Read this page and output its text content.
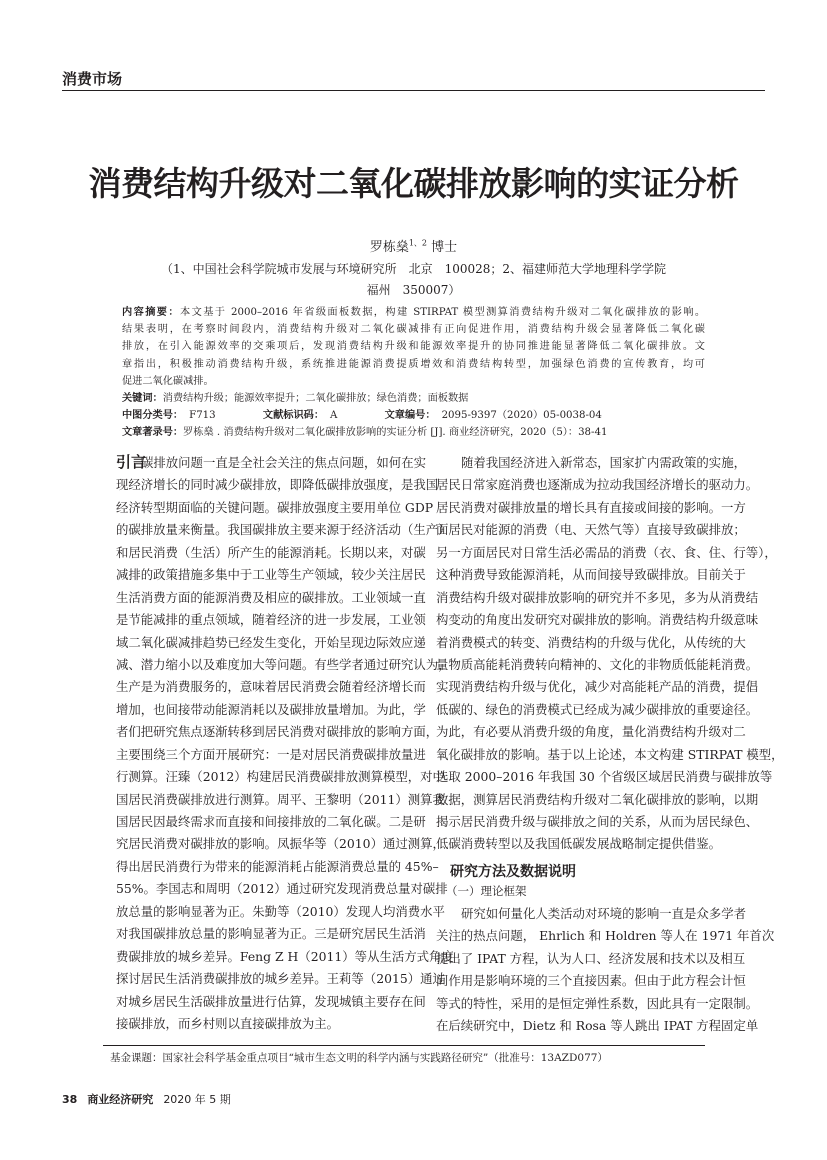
消费市场
消费结构升级对二氧化碳排放影响的实证分析
罗栋燊$^{1、2}$ 博士
（1、中国社会科学院城市发展与环境研究所　北京　100028；2、福建师范大学地理科学学院
福州　350007）
内容摘要：本文基于 2000–2016 年省级面板数据，构建 STIRPAT 模型测算消费结构升级对二氧化碳排放的影响。
结果表明，在考察时间段内，消费结构升级对二氧化碳减排有正向促进作用，消费结构升级会显著降低二氧化碳
排放，在引入能源效率的交乘项后，发现消费结构升级和能源效率提升的协同推进能显著降低二氧化碳排放。文
章指出，积极推动消费结构升级，系统推进能源消费提质增效和消费结构转型，加强绿色消费的宣传教育，均可
促进二氧化碳减排。
关键词：消费结构升级；能源效率提升；二氧化碳排放；绿色消费；面板数据
中图分类号： F713	文献标识码： A	文章编号： 2095-9397（2020）05-0038-04
文章著录号：罗栋燊 . 消费结构升级对二氧化碳排放影响的实证分析 [J]. 商业经济研究，2020（5）：38-41
引言
碳排放问题一直是全社会关注的焦点问题，如何在实
现经济增长的同时减少碳排放，即降低碳排放强度，是我国
经济转型期面临的关键问题。碳排放强度主要用单位 GDP
的碳排放量来衡量。我国碳排放主要来源于经济活动（生产）
和居民消费（生活）所产生的能源消耗。长期以来，对碳
减排的政策措施多集中于工业等生产领域，较少关注居民
生活消费方面的能源消费及相应的碳排放。工业领域一直
是节能减排的重点领域，随着经济的进一步发展，工业领
域二氧化碳减排趋势已经发生变化，开始呈现边际效应递
减、潜力缩小以及难度加大等问题。有些学者通过研究认为，
生产是为消费服务的，意味着居民消费会随着经济增长而
增加，也间接带动能源消耗以及碳排放量增加。为此，学
者们把研究焦点逐渐转移到居民消费对碳排放的影响方面，
主要围绕三个方面开展研究：一是对居民消费碳排放量进
行测算。汪臻（2012）构建居民消费碳排放测算模型，对中
国居民消费碳排放进行测算。周平、王黎明（2011）测算我
国居民因最终需求而直接和间接排放的二氧化碳。二是研
究居民消费对碳排放的影响。凤振华等（2010）通过测算，
得出居民消费行为带来的能源消耗占能源消费总量的 45%–
55%。李国志和周明（2012）通过研究发现消费总量对碳排
放总量的影响显著为正。朱勤等（2010）发现人均消费水平
对我国碳排放总量的影响显著为正。三是研究居民生活消
费碳排放的城乡差异。Feng Z H（2011）等从生活方式角度
探讨居民生活消费碳排放的城乡差异。王莉等（2015）通过
对城乡居民生活碳排放量进行估算，发现城镇主要存在间
接碳排放，而乡村则以直接碳排放为主。
随着我国经济进入新常态，国家扩内需政策的实施，
居民日常家庭消费也逐渐成为拉动我国经济增长的驱动力。
居民消费对碳排放量的增长具有直接或间接的影响。一方
面居民对能源的消费（电、天然气等）直接导致碳排放；
另一方面居民对日常生活必需品的消费（衣、食、住、行等），
这种消费导致能源消耗，从而间接导致碳排放。目前关于
消费结构升级对碳排放影响的研究并不多见，多为从消费结
构变动的角度出发研究对碳排放的影响。消费结构升级意味
着消费模式的转变、消费结构的升级与优化，从传统的大
量物质高能耗消费转向精神的、文化的非物质低能耗消费。
实现消费结构升级与优化，减少对高能耗产品的消费，提倡
低碳的、绿色的消费模式已经成为减少碳排放的重要途径。
为此，有必要从消费升级的角度，量化消费结构升级对二
氧化碳排放的影响。基于以上论述，本文构建 STIRPAT 模型，
选取 2000–2016 年我国 30 个省级区域居民消费与碳排放等
数据，测算居民消费结构升级对二氧化碳排放的影响，以期
揭示居民消费升级与碳排放之间的关系，从而为居民绿色、
低碳消费转型以及我国低碳发展战略制定提供借鉴。
研究方法及数据说明
（一）理论框架
研究如何量化人类活动对环境的影响一直是众多学者
关注的热点问题， Ehrlich 和 Holdren 等人在 1971 年首次
提出了 IPAT 方程，认为人口、经济发展和技术以及相互
间作用是影响环境的三个直接因素。但由于此方程会计恒
等式的特性，采用的是恒定弹性系数，因此具有一定限制。
在后续研究中，Dietz 和 Rosa 等人跳出 IPAT 方程固定单
基金课题：国家社会科学基金重点项目“城市生态文明的科学内涵与实践路径研究”（批准号：13AZD077）
38 商业经济研究 2020 年 5 期
